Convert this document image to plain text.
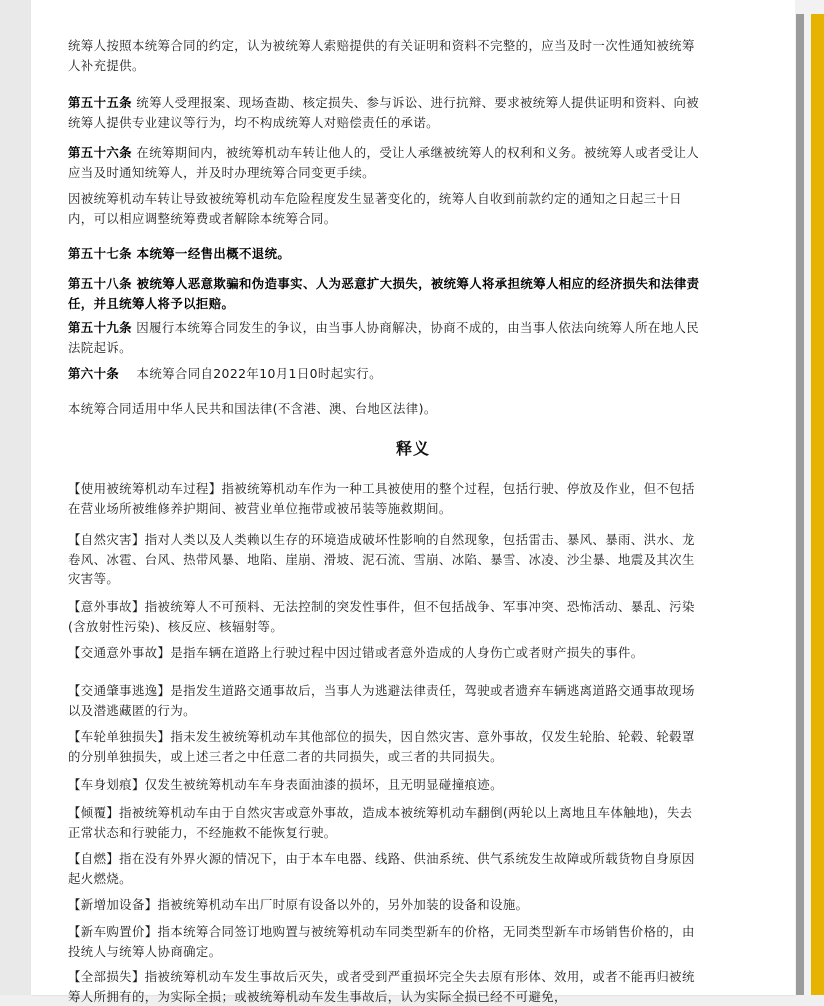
统筹人按照本统筹合同的约定，认为被统筹人索赔提供的有关证明和资料不完整的，应当及时一次性通知被统筹人补充提供。
第五十五条 统筹人受理报案、现场查勘、核定损失、参与诉讼、进行抗辩、要求被统筹人提供证明和资料、向被统筹人提供专业建议等行为，均不构成统筹人对赔偿责任的承诺。
第五十六条 在统筹期间内，被统筹机动车转让他人的，受让人承继被统筹人的权利和义务。被统筹人或者受让人应当及时通知统筹人，并及时办理统筹合同变更手续。
因被统筹机动车转让导致被统筹机动车危险程度发生显著变化的，统筹人自收到前款约定的通知之日起三十日内，可以相应调整统筹费或者解除本统筹合同。
第五十七条 本统筹一经售出概不退统。
第五十八条 被统筹人恶意欺骗和伪造事实、人为恶意扩大损失，被统筹人将承担统筹人相应的经济损失和法律责任，并且统筹人将予以拒赔。
第五十九条 因履行本统筹合同发生的争议，由当事人协商解决，协商不成的，由当事人依法向统筹人所在地人民法院起诉。
第六十条 本统筹合同自2022年10月1日0时起实行。
本统筹合同适用中华人民共和国法律(不含港、澳、台地区法律)。
释义
【使用被统筹机动车过程】指被统筹机动车作为一种工具被使用的整个过程，包括行驶、停放及作业，但不包括在营业场所被维修养护期间、被营业单位拖带或被吊装等施救期间。
【自然灾害】指对人类以及人类赖以生存的环境造成破坏性影响的自然现象，包括雷击、暴风、暴雨、洪水、龙卷风、冰雹、台风、热带风暴、地陷、崖崩、滑坡、泥石流、雪崩、冰陷、暴雪、冰凌、沙尘暴、地震及其次生灾害等。
【意外事故】指被统筹人不可预料、无法控制的突发性事件，但不包括战争、军事冲突、恐怖活动、暴乱、污染(含放射性污染)、核反应、核辐射等。
【交通意外事故】是指车辆在道路上行驶过程中因过错或者意外造成的人身伤亡或者财产损失的事件。
【交通肇事逃逸】是指发生道路交通事故后，当事人为逃避法律责任，驾驶或者遗弃车辆逃离道路交通事故现场以及潜逃藏匿的行为。
【车轮单独损失】指未发生被统筹机动车其他部位的损失，因自然灾害、意外事故，仅发生轮胎、轮毂、轮毂罩的分别单独损失，或上述三者之中任意二者的共同损失，或三者的共同损失。
【车身划痕】仅发生被统筹机动车车身表面油漆的损坏，且无明显碰撞痕迹。
【倾覆】指被统筹机动车由于自然灾害或意外事故，造成本被统筹机动车翻倒(两轮以上离地且车体触地)，失去正常状态和行驶能力，不经施救不能恢复行驶。
【自燃】指在没有外界火源的情况下，由于本车电器、线路、供油系统、供气系统发生故障或所载货物自身原因起火燃烧。
【新增加设备】指被统筹机动车出厂时原有设备以外的，另外加装的设备和设施。
【新车购置价】指本统筹合同签订地购置与被统筹机动车同类型新车的价格，无同类型新车市场销售价格的，由投统人与统筹人协商确定。
【全部损失】指被统筹机动车发生事故后灭失，或者受到严重损坏完全失去原有形体、效用，或者不能再归被统筹人所拥有的，为实际全损；或被统筹机动车发生事故后，认为实际全损已经不可避免，
